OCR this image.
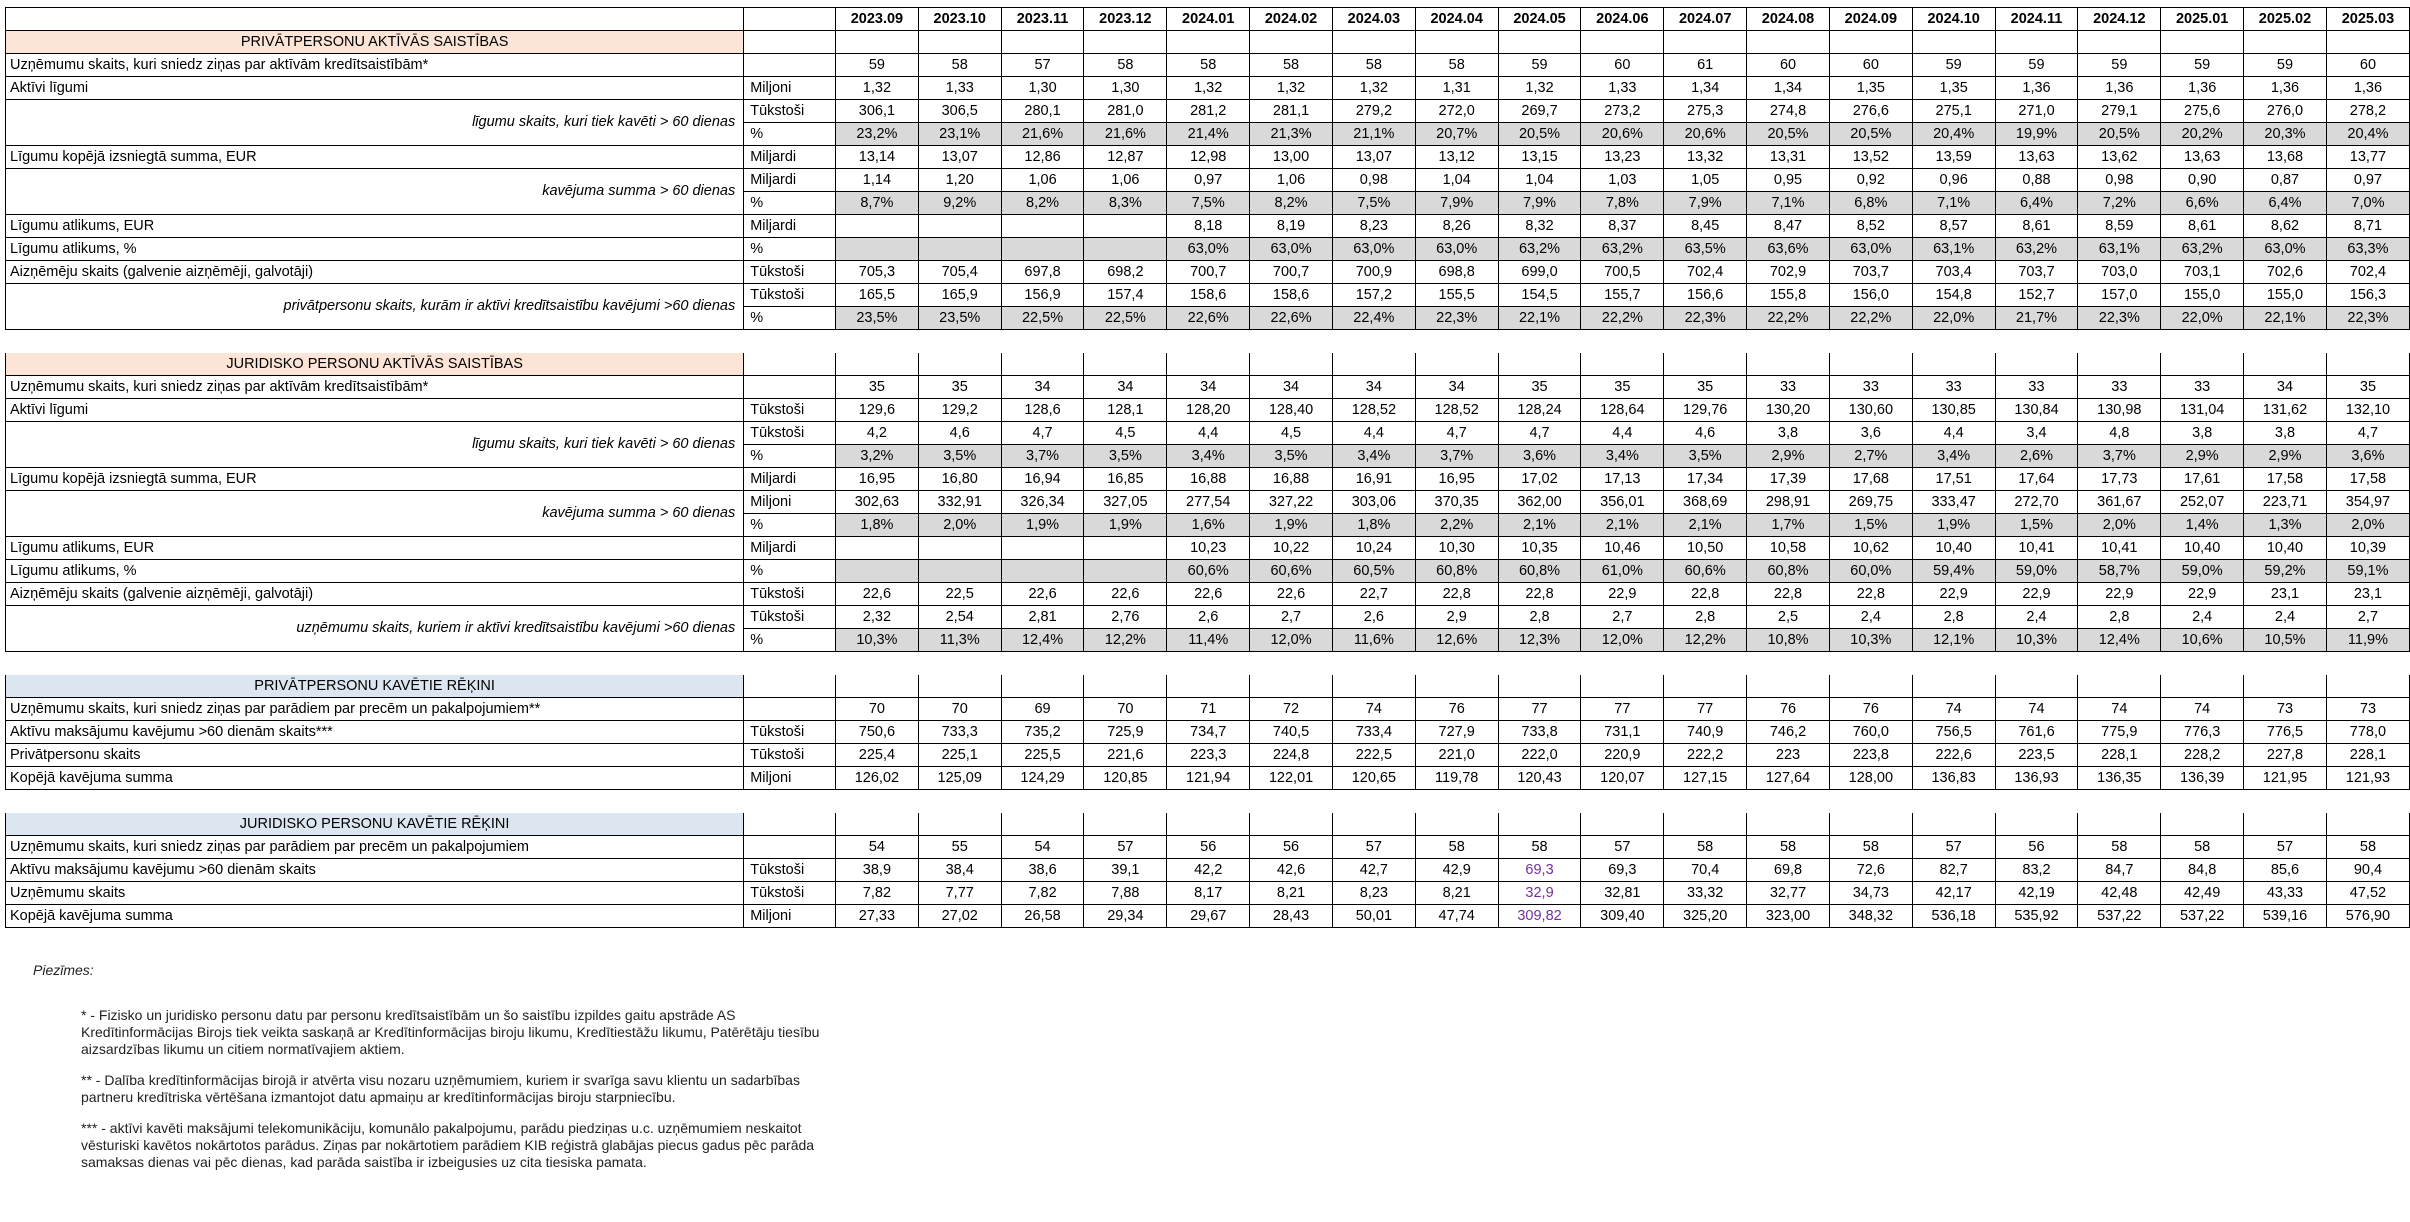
		2023.09	2023.10	2023.11	2023.12	2024.01	2024.02	2024.03	2024.04	2024.05	2024.06	2024.07	2024.08	2024.09	2024.10	2024.11	2024.12	2025.01	2025.02	2025.03
PRIVĀTPERSONU AKTĪVĀS SAISTĪBAS																				
Uzņēmumu skaits, kuri sniedz ziņas par aktīvām kredītsaistībām*		59	58	57	58	58	58	58	58	59	60	61	60	60	59	59	59	59	59	60
Aktīvi līgumi	Miljoni	1,32	1,33	1,30	1,30	1,32	1,32	1,32	1,31	1,32	1,33	1,34	1,34	1,35	1,35	1,36	1,36	1,36	1,36	1,36
līgumu skaits, kuri tiek kavēti > 60 dienas	Tūkstoši	306,1	306,5	280,1	281,0	281,2	281,1	279,2	272,0	269,7	273,2	275,3	274,8	276,6	275,1	271,0	279,1	275,6	276,0	278,2
	%	23,2%	23,1%	21,6%	21,6%	21,4%	21,3%	21,1%	20,7%	20,5%	20,6%	20,6%	20,5%	20,5%	20,4%	19,9%	20,5%	20,2%	20,3%	20,4%
Līgumu kopējā izsniegtā summa, EUR	Miljardi	13,14	13,07	12,86	12,87	12,98	13,00	13,07	13,12	13,15	13,23	13,32	13,31	13,52	13,59	13,63	13,62	13,63	13,68	13,77
kavējuma summa > 60 dienas	Miljardi	1,14	1,20	1,06	1,06	0,97	1,06	0,98	1,04	1,04	1,03	1,05	0,95	0,92	0,96	0,88	0,98	0,90	0,87	0,97
	%	8,7%	9,2%	8,2%	8,3%	7,5%	8,2%	7,5%	7,9%	7,9%	7,8%	7,9%	7,1%	6,8%	7,1%	6,4%	7,2%	6,6%	6,4%	7,0%
Līgumu atlikums, EUR	Miljardi					8,18	8,19	8,23	8,26	8,32	8,37	8,45	8,47	8,52	8,57	8,61	8,59	8,61	8,62	8,71
Līgumu atlikums, %	%					63,0%	63,0%	63,0%	63,0%	63,2%	63,2%	63,5%	63,6%	63,0%	63,1%	63,2%	63,1%	63,2%	63,0%	63,3%
Aizņēmēju skaits (galvenie aizņēmēji, galvotāji)	Tūkstoši	705,3	705,4	697,8	698,2	700,7	700,7	700,9	698,8	699,0	700,5	702,4	702,9	703,7	703,4	703,7	703,0	703,1	702,6	702,4
privātpersonu skaits, kurām ir aktīvi kredītsaistību kavējumi >60 dienas	Tūkstoši	165,5	165,9	156,9	157,4	158,6	158,6	157,2	155,5	154,5	155,7	156,6	155,8	156,0	154,8	152,7	157,0	155,0	155,0	156,3
	%	23,5%	23,5%	22,5%	22,5%	22,6%	22,6%	22,4%	22,3%	22,1%	22,2%	22,3%	22,2%	22,2%	22,0%	21,7%	22,3%	22,0%	22,1%	22,3%

JURIDISKO PERSONU AKTĪVĀS SAISTĪBAS																				
Uzņēmumu skaits, kuri sniedz ziņas par aktīvām kredītsaistībām*		35	35	34	34	34	34	34	34	35	35	35	33	33	33	33	33	33	34	35
Aktīvi līgumi	Tūkstoši	129,6	129,2	128,6	128,1	128,20	128,40	128,52	128,52	128,24	128,64	129,76	130,20	130,60	130,85	130,84	130,98	131,04	131,62	132,10
līgumu skaits, kuri tiek kavēti > 60 dienas	Tūkstoši	4,2	4,6	4,7	4,5	4,4	4,5	4,4	4,7	4,7	4,4	4,6	3,8	3,6	4,4	3,4	4,8	3,8	3,8	4,7
	%	3,2%	3,5%	3,7%	3,5%	3,4%	3,5%	3,4%	3,7%	3,6%	3,4%	3,5%	2,9%	2,7%	3,4%	2,6%	3,7%	2,9%	2,9%	3,6%
Līgumu kopējā izsniegtā summa, EUR	Miljardi	16,95	16,80	16,94	16,85	16,88	16,88	16,91	16,95	17,02	17,13	17,34	17,39	17,68	17,51	17,64	17,73	17,61	17,58	17,58
kavējuma summa > 60 dienas	Miljoni	302,63	332,91	326,34	327,05	277,54	327,22	303,06	370,35	362,00	356,01	368,69	298,91	269,75	333,47	272,70	361,67	252,07	223,71	354,97
	%	1,8%	2,0%	1,9%	1,9%	1,6%	1,9%	1,8%	2,2%	2,1%	2,1%	2,1%	1,7%	1,5%	1,9%	1,5%	2,0%	1,4%	1,3%	2,0%
Līgumu atlikums, EUR	Miljardi					10,23	10,22	10,24	10,30	10,35	10,46	10,50	10,58	10,62	10,40	10,41	10,41	10,40	10,40	10,39
Līgumu atlikums, %	%					60,6%	60,6%	60,5%	60,8%	60,8%	61,0%	60,6%	60,8%	60,0%	59,4%	59,0%	58,7%	59,0%	59,2%	59,1%
Aizņēmēju skaits (galvenie aizņēmēji, galvotāji)	Tūkstoši	22,6	22,5	22,6	22,6	22,6	22,6	22,7	22,8	22,8	22,9	22,8	22,8	22,8	22,9	22,9	22,9	22,9	23,1	23,1
uzņēmumu skaits, kuriem ir aktīvi kredītsaistību kavējumi >60 dienas	Tūkstoši	2,32	2,54	2,81	2,76	2,6	2,7	2,6	2,9	2,8	2,7	2,8	2,5	2,4	2,8	2,4	2,8	2,4	2,4	2,7
	%	10,3%	11,3%	12,4%	12,2%	11,4%	12,0%	11,6%	12,6%	12,3%	12,0%	12,2%	10,8%	10,3%	12,1%	10,3%	12,4%	10,6%	10,5%	11,9%

PRIVĀTPERSONU KAVĒTIE RĒĶINI																				
Uzņēmumu skaits, kuri sniedz ziņas par parādiem par precēm un pakalpojumiem**		70	70	69	70	71	72	74	76	77	77	77	76	76	74	74	74	74	73	73
Aktīvu maksājumu kavējumu >60 dienām skaits***	Tūkstoši	750,6	733,3	735,2	725,9	734,7	740,5	733,4	727,9	733,8	731,1	740,9	746,2	760,0	756,5	761,6	775,9	776,3	776,5	778,0
Privātpersonu skaits	Tūkstoši	225,4	225,1	225,5	221,6	223,3	224,8	222,5	221,0	222,0	220,9	222,2	223	223,8	222,6	223,5	228,1	228,2	227,8	228,1
Kopējā kavējuma summa	Miljoni	126,02	125,09	124,29	120,85	121,94	122,01	120,65	119,78	120,43	120,07	127,15	127,64	128,00	136,83	136,93	136,35	136,39	121,95	121,93

JURIDISKO PERSONU KAVĒTIE RĒĶINI																				
Uzņēmumu skaits, kuri sniedz ziņas par parādiem par precēm un pakalpojumiem		54	55	54	57	56	56	57	58	58	57	58	58	58	57	56	58	58	57	58
Aktīvu maksājumu kavējumu >60 dienām skaits	Tūkstoši	38,9	38,4	38,6	39,1	42,2	42,6	42,7	42,9	69,3	69,3	70,4	69,8	72,6	82,7	83,2	84,7	84,8	85,6	90,4
Uzņēmumu skaits	Tūkstoši	7,82	7,77	7,82	7,88	8,17	8,21	8,23	8,21	32,9	32,81	33,32	32,77	34,73	42,17	42,19	42,48	42,49	43,33	47,52
Kopējā kavējuma summa	Miljoni	27,33	27,02	26,58	29,34	29,67	28,43	50,01	47,74	309,82	309,40	325,20	323,00	348,32	536,18	535,92	537,22	537,22	539,16	576,90
Piezīmes:
* - Fizisko un juridisko personu datu par personu kredītsaistībām un šo saistību izpildes gaitu apstrāde AS Kredītinformācijas Birojs tiek veikta saskaņā ar Kredītinformācijas biroju likumu, Kredītiestāžu likumu, Patērētāju tiesību aizsardzības likumu un citiem normatīvajiem aktiem.
** - Dalība kredītinformācijas birojā ir atvērta visu nozaru uzņēmumiem, kuriem ir svarīga savu klientu un sadarbības partneru kredītriska vērtēšana izmantojot datu apmaiņu ar kredītinformācijas biroju starpniecību.
*** - aktīvi kavēti maksājumi telekomunikāciju, komunālo pakalpojumu, parādu piedziņas u.c. uzņēmumiem neskaitot vēsturiski kavētos nokārtotos parādus. Ziņas par nokārtotiem parādiem KIB reģistrā glabājas piecus gadus pēc parāda samaksas dienas vai pēc dienas, kad parāda saistība ir izbeigusies uz cita tiesiska pamata.
